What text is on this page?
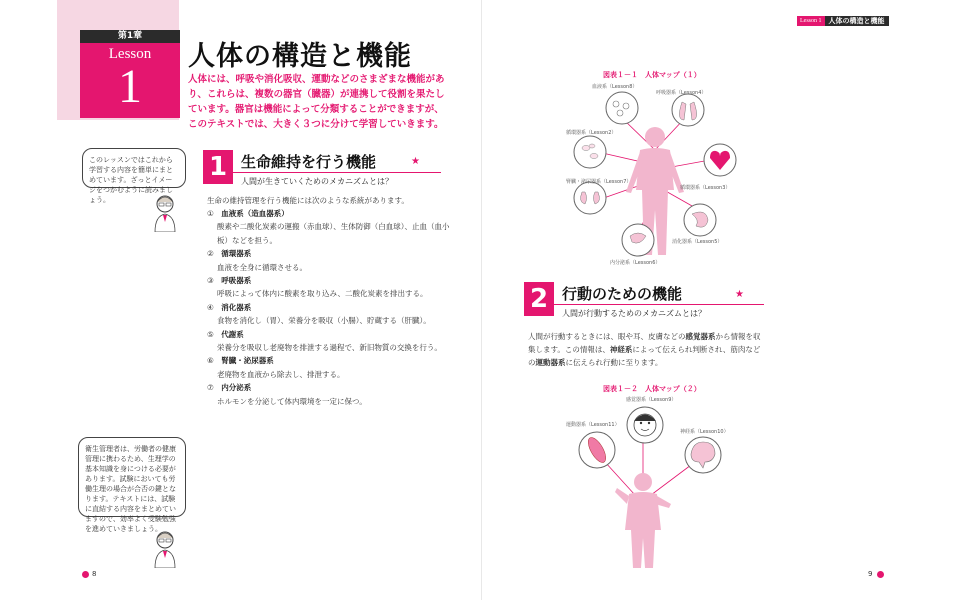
第1章
Lesson
1
人体の構造と機能
人体には、呼吸や消化吸収、運動などのさまざまな機能があり、これらは、複数の器官（臓器）が連携して役割を果たしています。器官は機能によって分類することができますが、このテキストでは、大きく３つに分けて学習していきます。
このレッスンではこれから学習する内容を簡単にまとめています。ざっとイメージをつかむように読みましょう。
衛生管理者は、労働者の健康管理に携わるため、生理学の基本知識を身につける必要があります。試験においても労働生理の場合が合否の鍵となります。テキストには、試験に直結する内容をまとめていますので、効率よく受験勉強を進めていきましょう。
1 生命維持を行う機能	★
人間が生きていくためのメカニズムとは？
生命の維持管理を行う機能には次のような系統があります。
①　 血液系（造血器系）
酸素や二酸化炭素の運搬（赤血球）、生体防御（白血球）、止血（血小板）などを担う。
②　 循環器系
血液を全身に循環させる。
③　 呼吸器系
呼吸によって体内に酸素を取り込み、二酸化炭素を排出する。
④　 消化器系
食物を消化し（胃）、栄養分を吸収（小腸）、貯蔵する（肝臓）。
⑤　 代謝系
栄養分を吸収し老廃物を排泄する過程で、新旧物質の交換を行う。
⑥　 腎臓・泌尿器系
老廃物を血液から除去し、排泄する。
⑦　 内分泌系
ホルモンを分泌して体内環境を一定に保つ。
Lesson 1	人体の構造と機能
図表１－１　人体マップ（１）
血液系（Lesson8）
呼吸器系（Lesson4）
循環器系（Lesson2）
循環器系（Lesson3）
腎臓・泌尿器系（Lesson7）
消化器系（Lesson5）
内分泌系（Lesson6）
2 行動のための機能	★
人間が行動するためのメカニズムとは？
人間が行動するときには、眼や耳、皮膚などの感覚器系から情報を収集します。この情報は、神経系によって伝えられ判断され、筋肉などの運動器系に伝えられ行動に至ります。
図表１－２　人体マップ（２）
感覚器系（Lesson9）
運動器系（Lesson11）
神経系（Lesson10）
8	9
